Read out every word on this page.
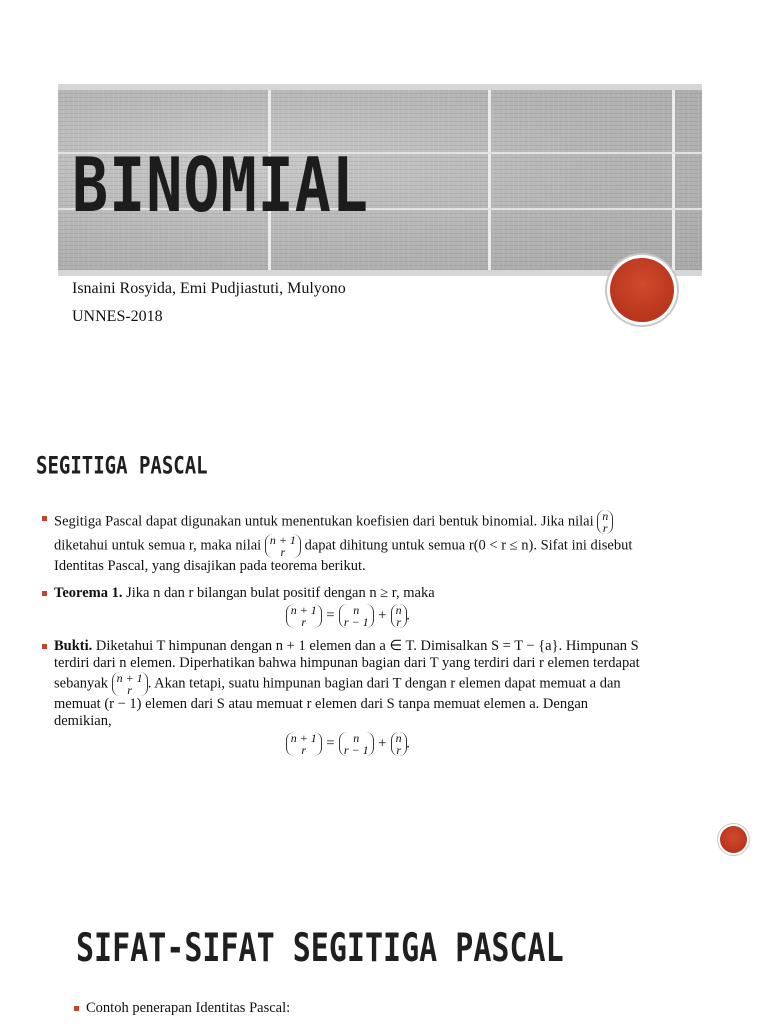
BINOMIAL
Isnaini Rosyida, Emi Pudjiastuti, Mulyono
UNNES-2018
SEGITIGA PASCAL
Segitiga Pascal dapat digunakan untuk menentukan koefisien dari bentuk binomial. Jika nilai n
r diketahui untuk semua r, maka nilai n + 1
r dapat dihitung untuk semua r(0 < r ≤ n). Sifat ini disebut Identitas Pascal, yang disajikan pada teorema berikut.
Teorema 1. Jika n dan r bilangan bulat positif dengan n ≥ r, maka
n + 1
r = n
r − 1 + n
r .
Bukti. Diketahui T himpunan dengan n + 1 elemen dan a ∈ T. Dimisalkan S = T − {a}. Himpunan S terdiri dari n elemen. Diperhatikan bahwa himpunan bagian dari T yang terdiri dari r elemen terdapat sebanyak n + 1
r . Akan tetapi, suatu himpunan bagian dari T dengan r elemen dapat memuat a dan memuat (r − 1) elemen dari S atau memuat r elemen dari S tanpa memuat elemen a. Dengan demikian,
n + 1
r = n
r − 1 + n
r .
SIFAT-SIFAT SEGITIGA PASCAL
Contoh penerapan Identitas Pascal:
